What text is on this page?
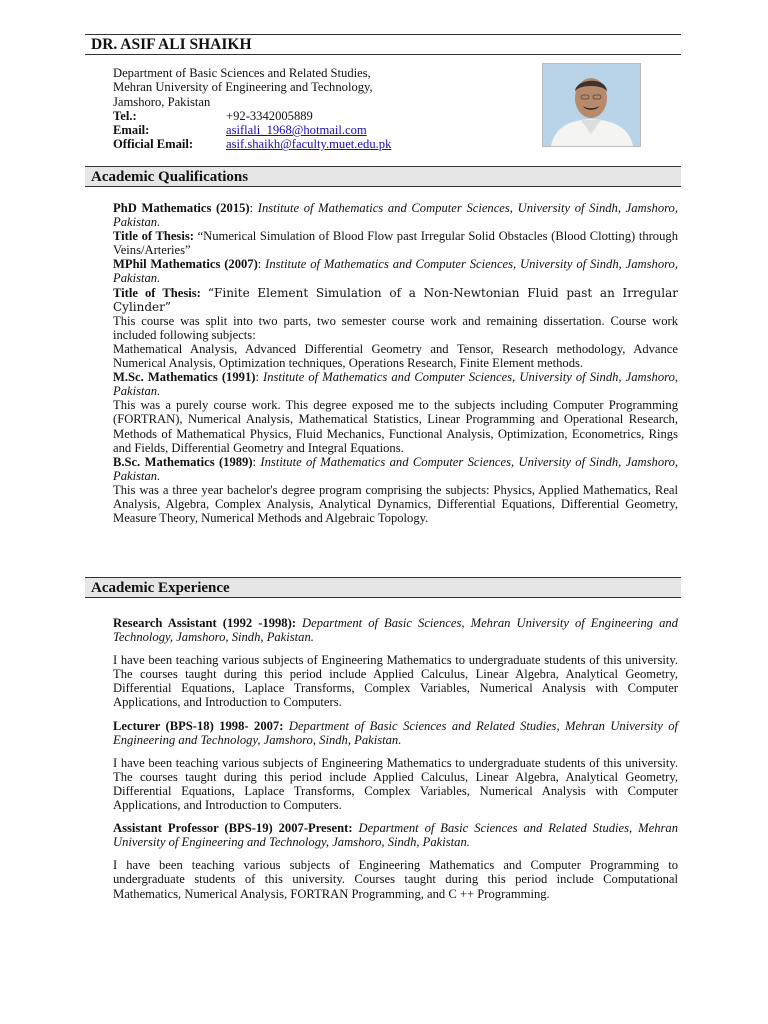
DR. ASIF ALI SHAIKH
Department of Basic Sciences and Related Studies,
Mehran University of Engineering and Technology,
Jamshoro, Pakistan
Tel.:	+92-3342005889
Email:	asiflali_1968@hotmail.com
Official Email:	asif.shaikh@faculty.muet.edu.pk
Academic Qualifications

PhD Mathematics (2015): Institute of Mathematics and Computer Sciences, University of Sindh, Jamshoro, Pakistan.

Title of Thesis: “Numerical Simulation of Blood Flow past Irregular Solid Obstacles (Blood Clotting) through Veins/Arteries”

MPhil Mathematics (2007): Institute of Mathematics and Computer Sciences, University of Sindh, Jamshoro, Pakistan.

Title of Thesis: “Finite Element Simulation of a Non-Newtonian Fluid past an Irregular Cylinder”

This course was split into two parts, two semester course work and remaining dissertation. Course work included following subjects:

Mathematical Analysis, Advanced Differential Geometry and Tensor, Research methodology, Advance Numerical Analysis, Optimization techniques, Operations Research, Finite Element methods.

M.Sc. Mathematics (1991): Institute of Mathematics and Computer Sciences, University of Sindh, Jamshoro, Pakistan.

This was a purely course work. This degree exposed me to the subjects including Computer Programming (FORTRAN), Numerical Analysis, Mathematical Statistics, Linear Programming and Operational Research, Methods of Mathematical Physics, Fluid Mechanics, Functional Analysis, Optimization, Econometrics, Rings and Fields, Differential Geometry and Integral Equations.

B.Sc. Mathematics (1989): Institute of Mathematics and Computer Sciences, University of Sindh, Jamshoro, Pakistan.

This was a three year bachelor's degree program comprising the subjects: Physics, Applied Mathematics, Real Analysis, Algebra, Complex Analysis, Analytical Dynamics, Differential Equations, Differential Geometry, Measure Theory, Numerical Methods and Algebraic Topology.

Academic Experience

Research Assistant (1992 -1998): Department of Basic Sciences, Mehran University of Engineering and Technology, Jamshoro, Sindh, Pakistan.

I have been teaching various subjects of Engineering Mathematics to undergraduate students of this university. The courses taught during this period include Applied Calculus, Linear Algebra, Analytical Geometry, Differential Equations, Laplace Transforms, Complex Variables, Numerical Analysis with Computer Applications, and Introduction to Computers.

Lecturer (BPS-18) 1998- 2007: Department of Basic Sciences and Related Studies, Mehran University of Engineering and Technology, Jamshoro, Sindh, Pakistan.

I have been teaching various subjects of Engineering Mathematics to undergraduate students of this university. The courses taught during this period include Applied Calculus, Linear Algebra, Analytical Geometry, Differential Equations, Laplace Transforms, Complex Variables, Numerical Analysis with Computer Applications, and Introduction to Computers.

Assistant Professor (BPS-19) 2007-Present: Department of Basic Sciences and Related Studies, Mehran University of Engineering and Technology, Jamshoro, Sindh, Pakistan.

I have been teaching various subjects of Engineering Mathematics and Computer Programming to undergraduate students of this university. Courses taught during this period include Computational Mathematics, Numerical Analysis, FORTRAN Programming, and C ++ Programming.
